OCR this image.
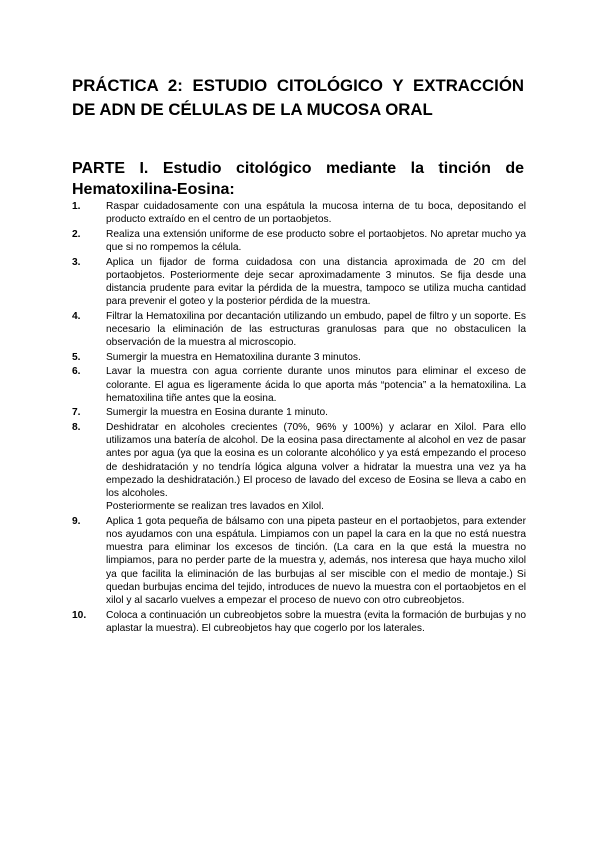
PRÁCTICA 2: ESTUDIO CITOLÓGICO Y EXTRACCIÓN DE ADN DE CÉLULAS DE LA MUCOSA ORAL
PARTE I. Estudio citológico mediante la tinción de Hematoxilina-Eosina:
1.	Raspar cuidadosamente con una espátula la mucosa interna de tu boca, depositando el producto extraído en el centro de un portaobjetos.
2.	Realiza una extensión uniforme de ese producto sobre el portaobjetos. No apretar mucho ya que si no rompemos la célula.
3.	Aplica un fijador de forma cuidadosa con una distancia aproximada de 20 cm del portaobjetos. Posteriormente deje secar aproximadamente 3 minutos. Se fija desde una distancia prudente para evitar la pérdida de la muestra, tampoco se utiliza mucha cantidad para prevenir el goteo y la posterior pérdida de la muestra.
4.	Filtrar la Hematoxilina por decantación utilizando un embudo, papel de filtro y un soporte. Es necesario la eliminación de las estructuras granulosas para que no obstaculicen la observación de la muestra al microscopio.
5.	Sumergir la muestra en Hematoxilina durante 3 minutos.
6.	Lavar la muestra con agua corriente durante unos minutos para eliminar el exceso de colorante. El agua es ligeramente ácida lo que aporta más “potencia” a la hematoxilina. La hematoxilina tiñe antes que la eosina.
7.	Sumergir la muestra en Eosina durante 1 minuto.
8.	Deshidratar en alcoholes crecientes (70%, 96% y 100%) y aclarar en Xilol. Para ello utilizamos una batería de alcohol. De la eosina pasa directamente al alcohol en vez de pasar antes por agua (ya que la eosina es un colorante alcohólico y ya está empezando el proceso de deshidratación y no tendría lógica alguna volver a hidratar la muestra una vez ya ha empezado la deshidratación.) El proceso de lavado del exceso de Eosina se lleva a cabo en los alcoholes.
Posteriormente se realizan tres lavados en Xilol.
9.	Aplica 1 gota pequeña de bálsamo con una pipeta pasteur en el portaobjetos, para extender nos ayudamos con una espátula. Limpiamos con un papel la cara en la que no está nuestra muestra para eliminar los excesos de tinción. (La cara en la que está la muestra no limpiamos, para no perder parte de la muestra y, además, nos interesa que haya mucho xilol ya que facilita la eliminación de las burbujas al ser miscible con el medio de montaje.) Si quedan burbujas encima del tejido, introduces de nuevo la muestra con el portaobjetos en el xilol y al sacarlo vuelves a empezar el proceso de nuevo con otro cubreobjetos.
10.	Coloca a continuación un cubreobjetos sobre la muestra (evita la formación de burbujas y no aplastar la muestra). El cubreobjetos hay que cogerlo por los laterales.
